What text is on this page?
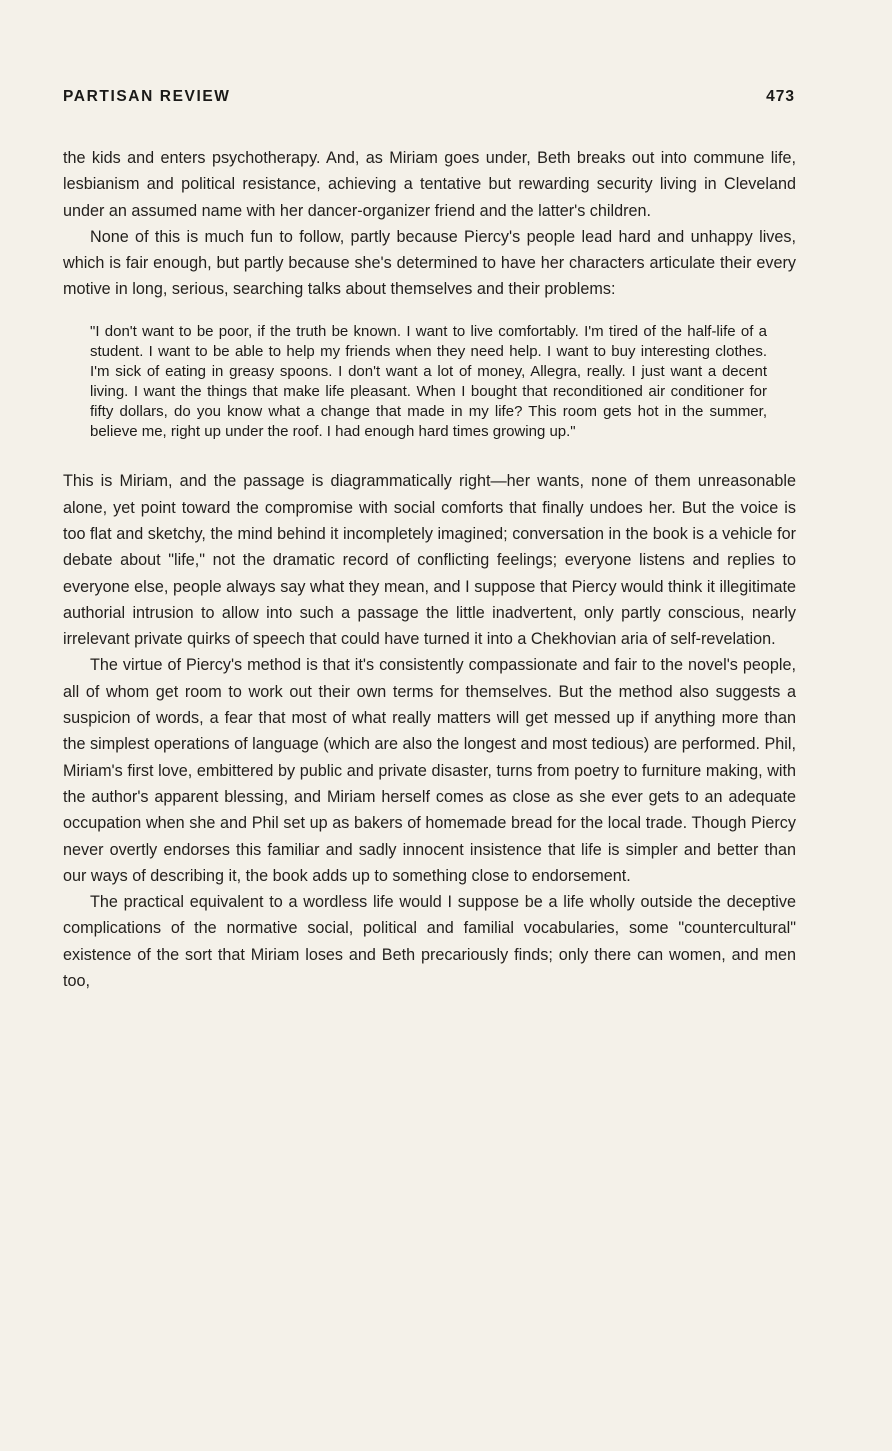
PARTISAN REVIEW	473

the kids and enters psychotherapy. And, as Miriam goes under, Beth breaks out into commune life, lesbianism and political resistance, achieving a tentative but rewarding security living in Cleveland under an assumed name with her dancer-organizer friend and the latter's children.

None of this is much fun to follow, partly because Piercy's people lead hard and unhappy lives, which is fair enough, but partly because she's determined to have her characters articulate their every motive in long, serious, searching talks about themselves and their problems:

"I don't want to be poor, if the truth be known. I want to live comfortably. I'm tired of the half-life of a student. I want to be able to help my friends when they need help. I want to buy interesting clothes. I'm sick of eating in greasy spoons. I don't want a lot of money, Allegra, really. I just want a decent living. I want the things that make life pleasant. When I bought that reconditioned air conditioner for fifty dollars, do you know what a change that made in my life? This room gets hot in the summer, believe me, right up under the roof. I had enough hard times growing up."

This is Miriam, and the passage is diagrammatically right—her wants, none of them unreasonable alone, yet point toward the compromise with social comforts that finally undoes her. But the voice is too flat and sketchy, the mind behind it incompletely imagined; conversation in the book is a vehicle for debate about "life," not the dramatic record of conflicting feelings; everyone listens and replies to everyone else, people always say what they mean, and I suppose that Piercy would think it illegitimate authorial intrusion to allow into such a passage the little inadvertent, only partly conscious, nearly irrelevant private quirks of speech that could have turned it into a Chekhovian aria of self-revelation.

The virtue of Piercy's method is that it's consistently compassionate and fair to the novel's people, all of whom get room to work out their own terms for themselves. But the method also suggests a suspicion of words, a fear that most of what really matters will get messed up if anything more than the simplest operations of language (which are also the longest and most tedious) are performed. Phil, Miriam's first love, embittered by public and private disaster, turns from poetry to furniture making, with the author's apparent blessing, and Miriam herself comes as close as she ever gets to an adequate occupation when she and Phil set up as bakers of homemade bread for the local trade. Though Piercy never overtly endorses this familiar and sadly innocent insistence that life is simpler and better than our ways of describing it, the book adds up to something close to endorsement.

The practical equivalent to a wordless life would I suppose be a life wholly outside the deceptive complications of the normative social, political and familial vocabularies, some "countercultural" existence of the sort that Miriam loses and Beth precariously finds; only there can women, and men too,
